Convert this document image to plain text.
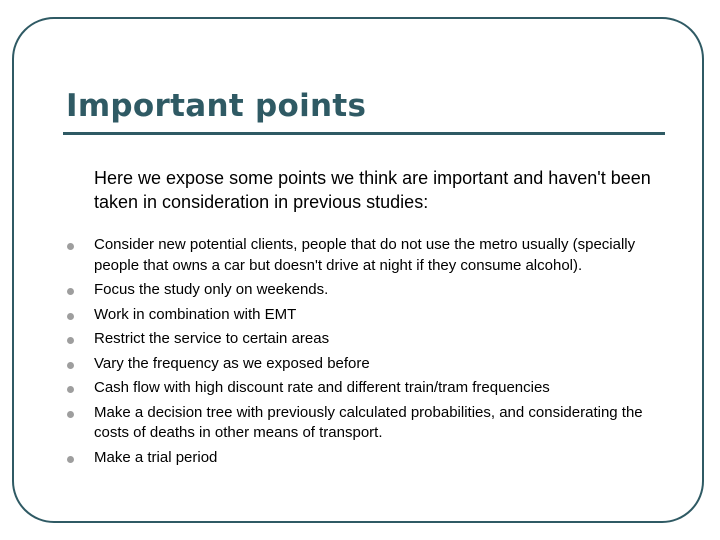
Important points

Here we expose some points we think are important and haven't been taken in consideration in previous studies:

Consider new potential clients, people that do not use the metro usually (specially people that owns a car but doesn't drive at night if they consume alcohol).
Focus the study only on weekends.
Work in combination with EMT
Restrict the service to certain areas
Vary the frequency as we exposed before
Cash flow with high discount rate and different train/tram frequencies
Make a decision tree with previously calculated probabilities, and considerating the costs of deaths in other means of transport.
Make a trial period
